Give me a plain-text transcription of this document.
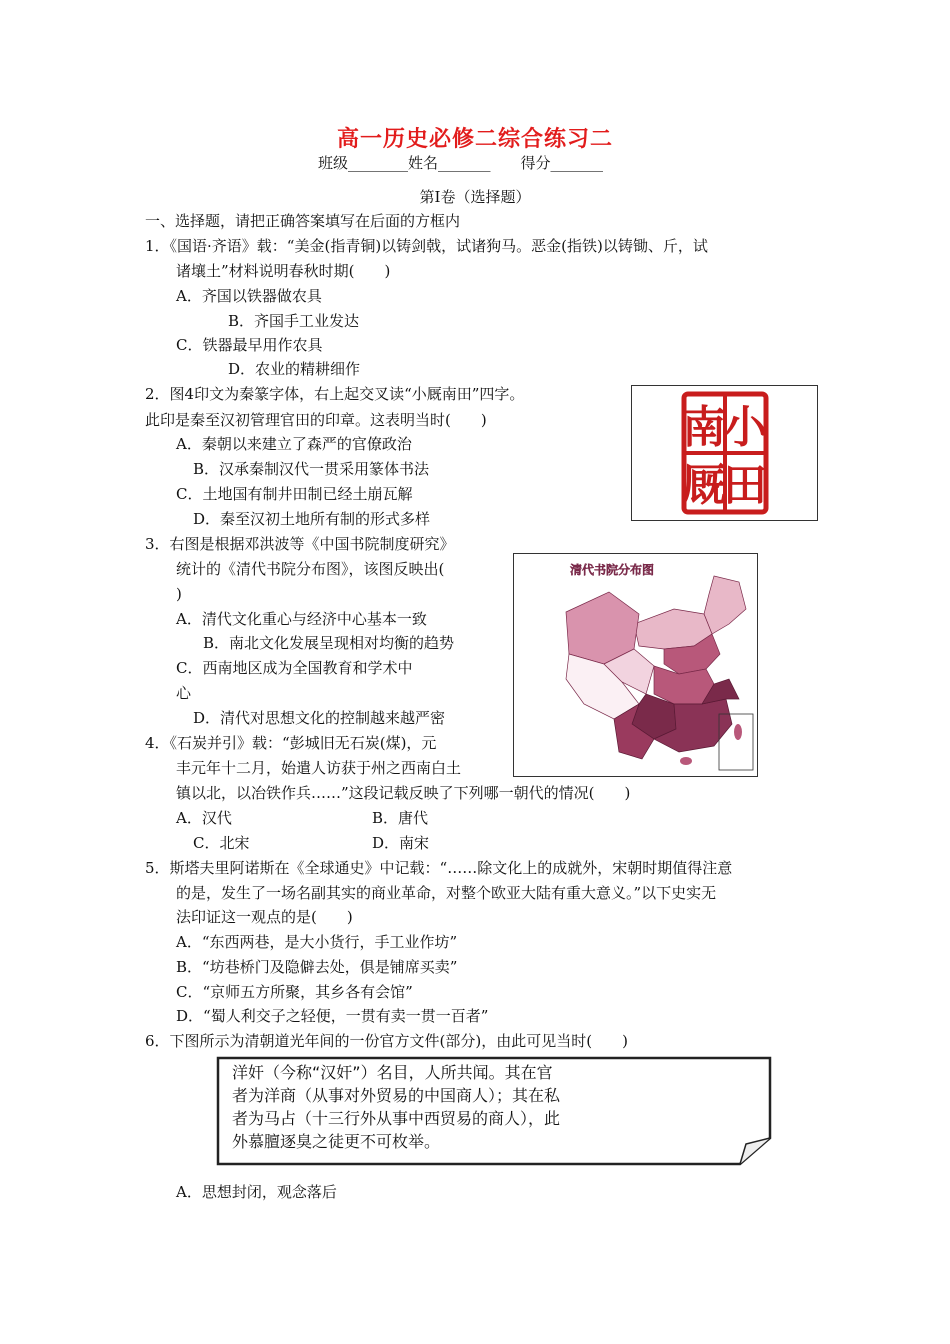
高一历史必修二综合练习二
班级________姓名_______　　得分_______
第Ⅰ卷（选择题）
一、选择题，请把正确答案填写在后面的方框内
1．《国语·齐语》载：“美金(指青铜)以铸剑戟，试诸狗马。恶金(指铁)以铸锄、斤，试
诸壤土”材料说明春秋时期(　　)
A．齐国以铁器做农具
B．齐国手工业发达
C．铁器最早用作农具
D．农业的精耕细作
2．图4印文为秦篆字体，右上起交叉读“小厩南田”四字。
此印是秦至汉初管理官田的印章。这表明当时(　　)
A．秦朝以来建立了森严的官僚政治
B．汉承秦制汉代一贯采用篆体书法
C．土地国有制井田制已经土崩瓦解
D．秦至汉初土地所有制的形式多样
小
南
田
厩
3．右图是根据邓洪波等《中国书院制度研究》
统计的《清代书院分布图》，该图反映出(
)
A．清代文化重心与经济中心基本一致
B．南北文化发展呈现相对均衡的趋势
C．西南地区成为全国教育和学术中
心
D．清代对思想文化的控制越来越严密
清代书院分布图
4．《石炭并引》载：“彭城旧无石炭(煤)，元
丰元年十二月，始遣人访获于州之西南白土
镇以北，以冶铁作兵……”这段记载反映了下列哪一朝代的情况(　　)
A．汉代	B．唐代
C．北宋	D．南宋
5．斯塔夫里阿诺斯在《全球通史》中记载：“……除文化上的成就外，宋朝时期值得注意
的是，发生了一场名副其实的商业革命，对整个欧亚大陆有重大意义。”以下史实无
法印证这一观点的是(　　)
A．“东西两巷，是大小货行，手工业作坊”
B．“坊巷桥门及隐僻去处，俱是铺席买卖”
C．“京师五方所聚，其乡各有会馆”
D．“蜀人利交子之轻便，一贯有卖一贯一百者”
6．下图所示为清朝道光年间的一份官方文件(部分)，由此可见当时(　　)
洋奸（今称“汉奸”）名目，人所共闻。其在官
者为洋商（从事对外贸易的中国商人）；其在私
者为马占（十三行外从事中西贸易的商人），此
外慕膻逐臭之徒更不可枚举。
A．思想封闭，观念落后
